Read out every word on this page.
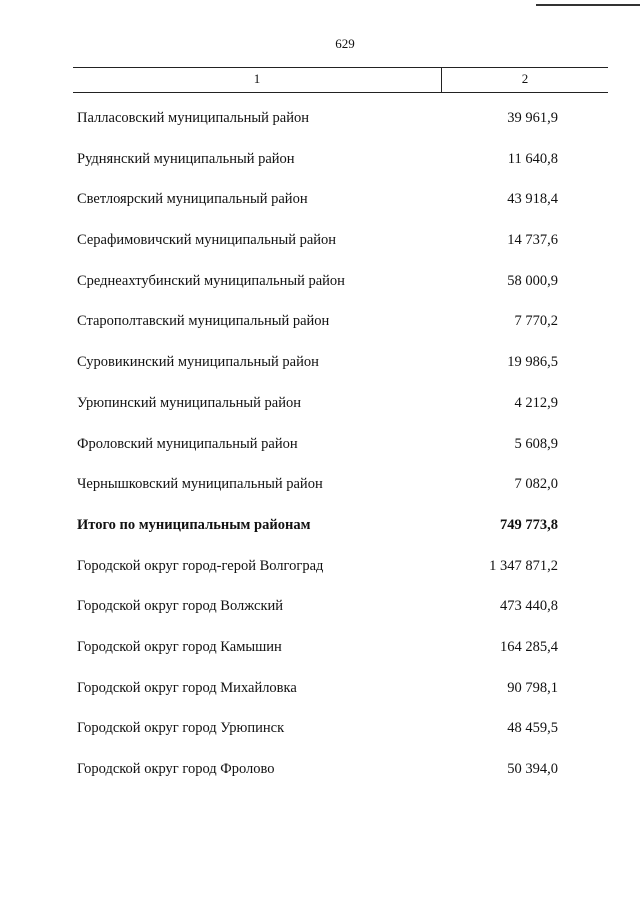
629
1	2
Палласовский муниципальный район	39 961,9
Руднянский муниципальный район	11 640,8
Светлоярский муниципальный район	43 918,4
Серафимовичский муниципальный район	14 737,6
Среднеахтубинский муниципальный район	58 000,9
Старополтавский муниципальный район	7 770,2
Суровикинский муниципальный район	19 986,5
Урюпинский муниципальный район	4 212,9
Фроловский муниципальный район	5 608,9
Чернышковский муниципальный район	7 082,0
Итого по муниципальным районам	749 773,8
Городской округ город-герой Волгоград	1 347 871,2
Городской округ город Волжский	473 440,8
Городской округ город Камышин	164 285,4
Городской округ город Михайловка	90 798,1
Городской округ город Урюпинск	48 459,5
Городской округ город Фролово	50 394,0
